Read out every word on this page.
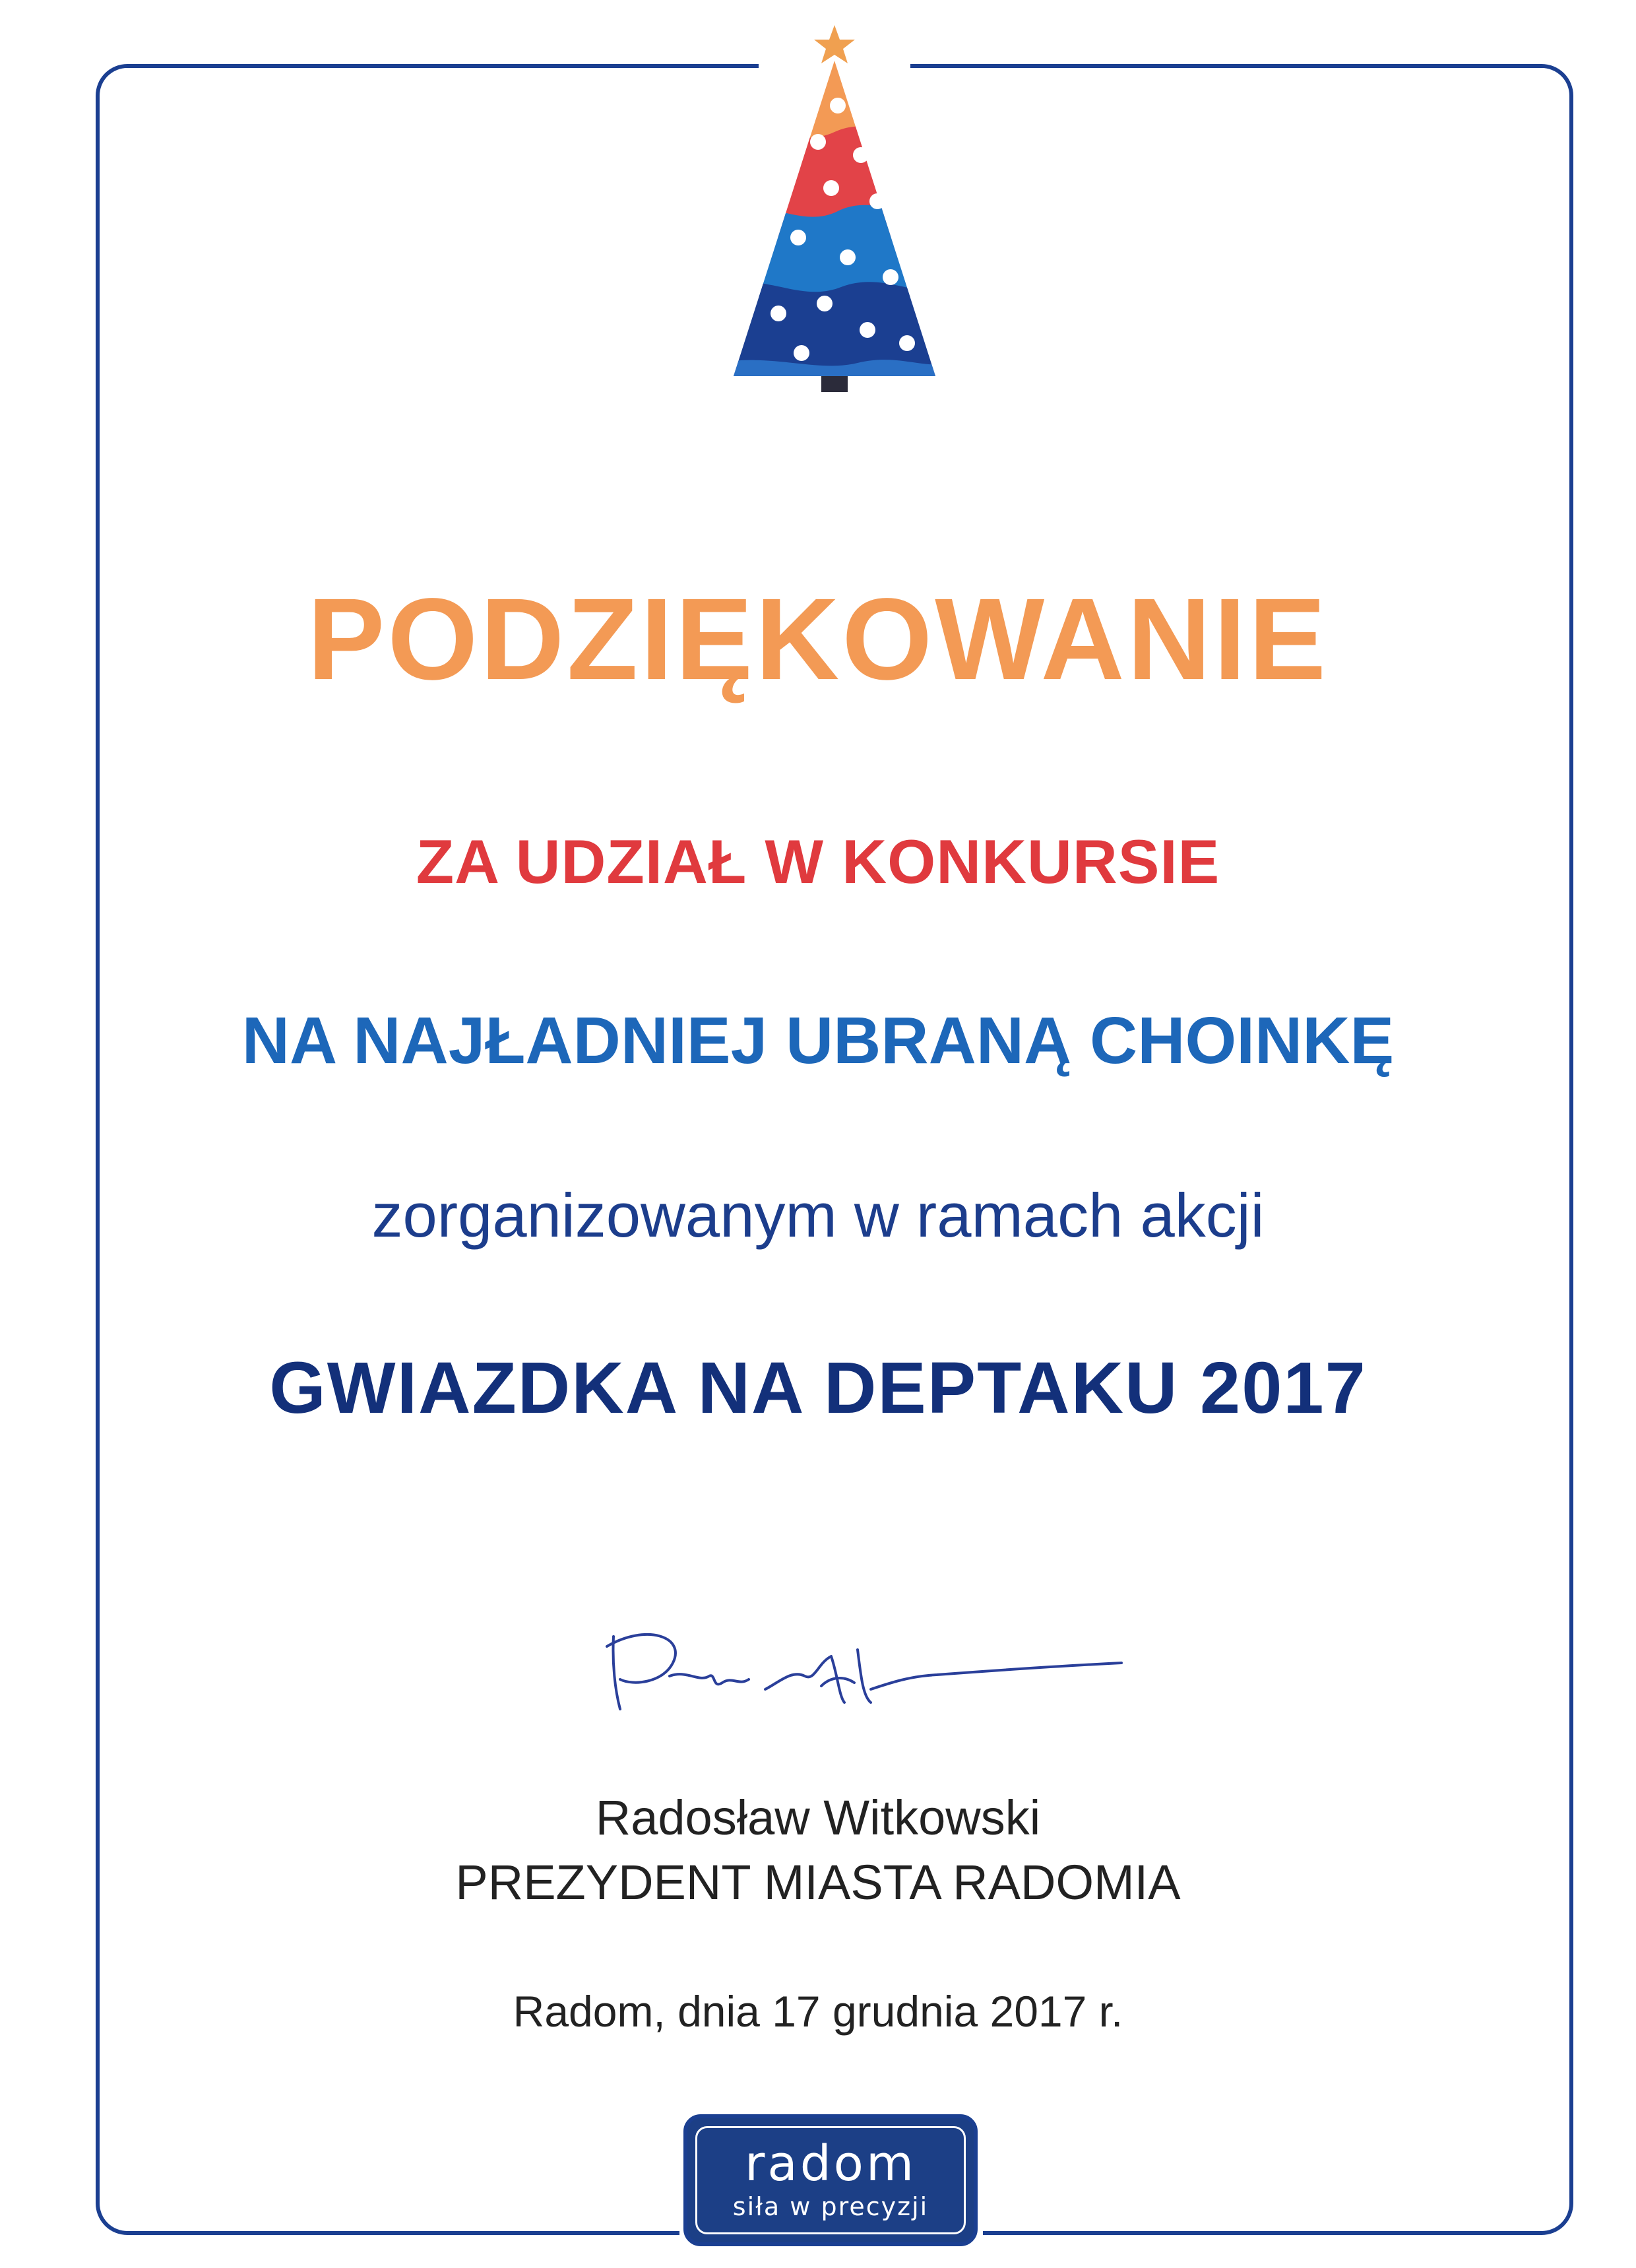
PODZIĘKOWANIE
ZA UDZIAŁ W KONKURSIE
NA NAJŁADNIEJ UBRANĄ CHOINKĘ
zorganizowanym w ramach akcji
GWIAZDKA NA DEPTAKU 2017
Radosław Witkowski
PREZYDENT MIASTA RADOMIA
Radom, dnia 17 grudnia 2017 r.
radom
siła w precyzji
